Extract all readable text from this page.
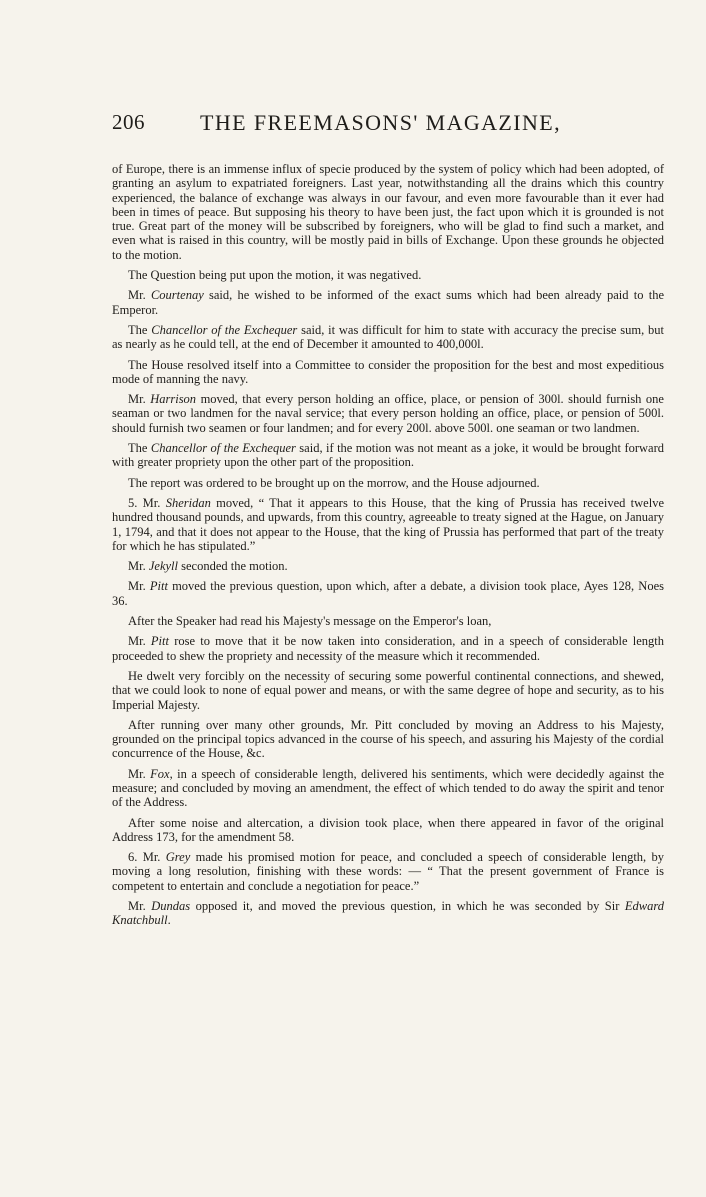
206	THE FREEMASONS' MAGAZINE,

of Europe, there is an immense influx of specie produced by the system of policy which had been adopted, of granting an asylum to expatriated foreigners. Last year, notwithstanding all the drains which this country experienced, the balance of exchange was always in our favour, and even more favourable than it ever had been in times of peace. But supposing his theory to have been just, the fact upon which it is grounded is not true. Great part of the money will be subscribed by foreigners, who will be glad to find such a market, and even what is raised in this country, will be mostly paid in bills of Exchange. Upon these grounds he objected to the motion.

The Question being put upon the motion, it was negatived.

Mr. Courtenay said, he wished to be informed of the exact sums which had been already paid to the Emperor.

The Chancellor of the Exchequer said, it was difficult for him to state with accuracy the precise sum, but as nearly as he could tell, at the end of December it amounted to 400,000l.

The House resolved itself into a Committee to consider the proposition for the best and most expeditious mode of manning the navy.

Mr. Harrison moved, that every person holding an office, place, or pension of 300l. should furnish one seaman or two landmen for the naval service; that every person holding an office, place, or pension of 500l. should furnish two seamen or four landmen; and for every 200l. above 500l. one seaman or two landmen.

The Chancellor of the Exchequer said, if the motion was not meant as a joke, it would be brought forward with greater propriety upon the other part of the proposition.

The report was ordered to be brought up on the morrow, and the House adjourned.

5. Mr. Sheridan moved, “ That it appears to this House, that the king of Prussia has received twelve hundred thousand pounds, and upwards, from this country, agreeable to treaty signed at the Hague, on January 1, 1794, and that it does not appear to the House, that the king of Prussia has performed that part of the treaty for which he has stipulated.”

Mr. Jekyll seconded the motion.

Mr. Pitt moved the previous question, upon which, after a debate, a division took place, Ayes 128, Noes 36.

After the Speaker had read his Majesty's message on the Emperor's loan,

Mr. Pitt rose to move that it be now taken into consideration, and in a speech of considerable length proceeded to shew the propriety and necessity of the measure which it recommended.

He dwelt very forcibly on the necessity of securing some powerful continental connections, and shewed, that we could look to none of equal power and means, or with the same degree of hope and security, as to his Imperial Majesty.

After running over many other grounds, Mr. Pitt concluded by moving an Address to his Majesty, grounded on the principal topics advanced in the course of his speech, and assuring his Majesty of the cordial concurrence of the House, &c.

Mr. Fox, in a speech of considerable length, delivered his sentiments, which were decidedly against the measure; and concluded by moving an amendment, the effect of which tended to do away the spirit and tenor of the Address.

After some noise and altercation, a division took place, when there appeared in favor of the original Address 173, for the amendment 58.

6. Mr. Grey made his promised motion for peace, and concluded a speech of considerable length, by moving a long resolution, finishing with these words: — “ That the present government of France is competent to entertain and conclude a negotiation for peace.”

Mr. Dundas opposed it, and moved the previous question, in which he was seconded by Sir Edward Knatchbull.
